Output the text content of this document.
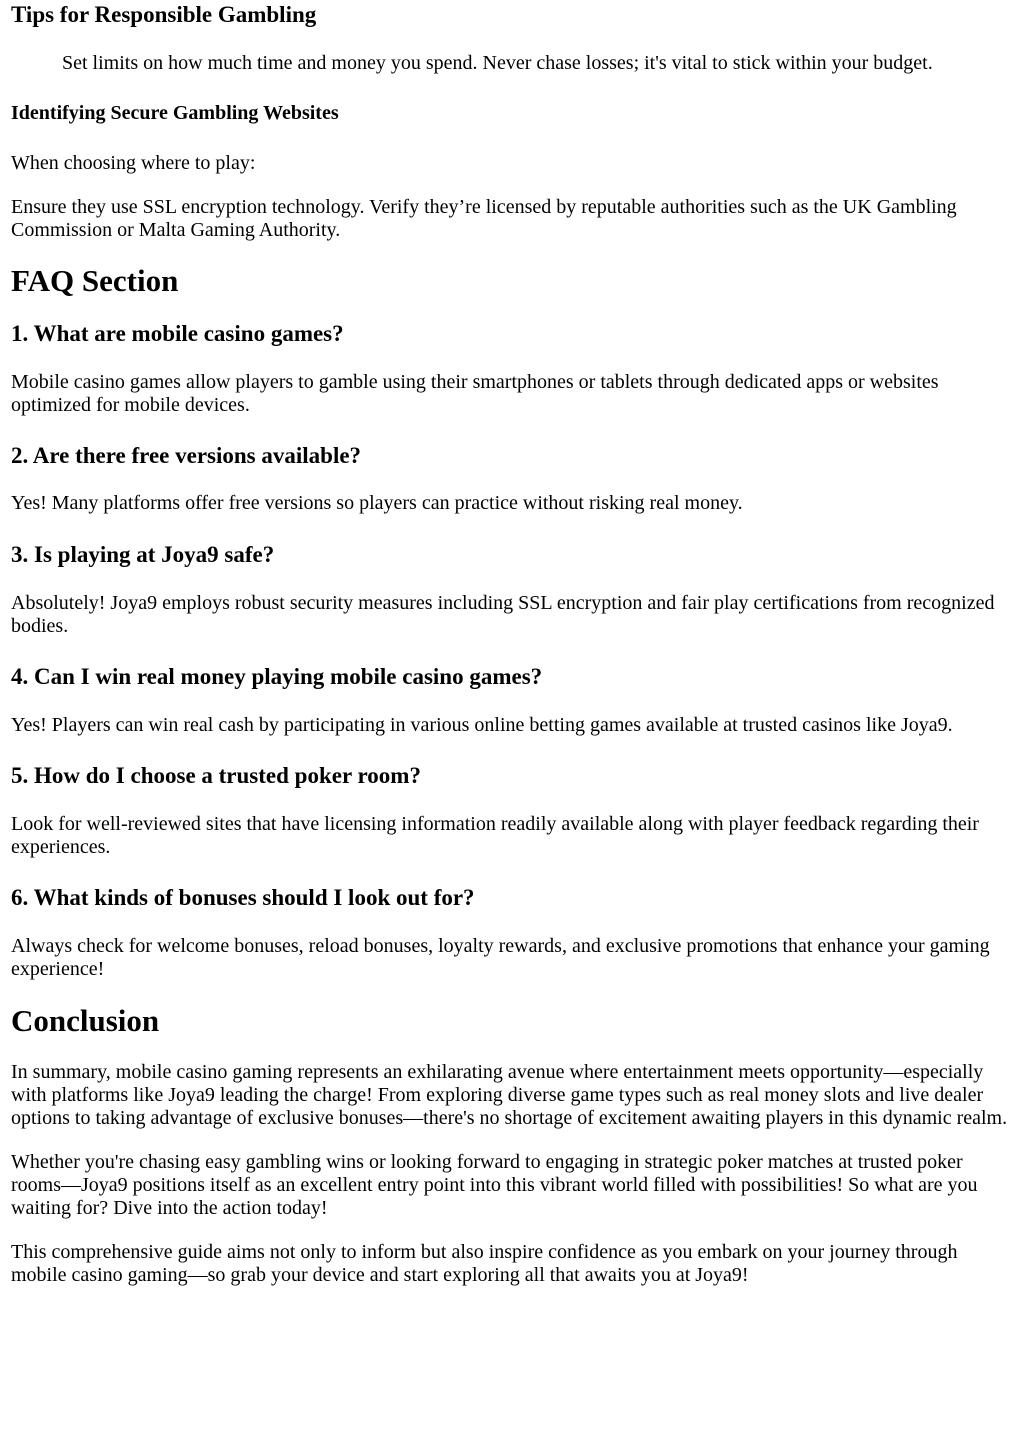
Tips for Responsible Gambling
Set limits on how much time and money you spend. Never chase losses; it's vital to stick within your budget.
Identifying Secure Gambling Websites

When choosing where to play:

Ensure they use SSL encryption technology. Verify they’re licensed by reputable authorities such as the UK Gambling Commission or Malta Gaming Authority.

FAQ Section
1. What are mobile casino games?

Mobile casino games allow players to gamble using their smartphones or tablets through dedicated apps or websites optimized for mobile devices.

2. Are there free versions available?

Yes! Many platforms offer free versions so players can practice without risking real money.

3. Is playing at Joya9 safe?

Absolutely! Joya9 employs robust security measures including SSL encryption and fair play certifications from recognized bodies.

4. Can I win real money playing mobile casino games?

Yes! Players can win real cash by participating in various online betting games available at trusted casinos like Joya9.

5. How do I choose a trusted poker room?

Look for well-reviewed sites that have licensing information readily available along with player feedback regarding their experiences.

6. What kinds of bonuses should I look out for?

Always check for welcome bonuses, reload bonuses, loyalty rewards, and exclusive promotions that enhance your gaming experience!

Conclusion

In summary, mobile casino gaming represents an exhilarating avenue where entertainment meets opportunity—especially with platforms like Joya9 leading the charge! From exploring diverse game types such as real money slots and live dealer options to taking advantage of exclusive bonuses—there's no shortage of excitement awaiting players in this dynamic realm.

Whether you're chasing easy gambling wins or looking forward to engaging in strategic poker matches at trusted poker rooms—Joya9 positions itself as an excellent entry point into this vibrant world filled with possibilities! So what are you waiting for? Dive into the action today!

This comprehensive guide aims not only to inform but also inspire confidence as you embark on your journey through mobile casino gaming—so grab your device and start exploring all that awaits you at Joya9!
